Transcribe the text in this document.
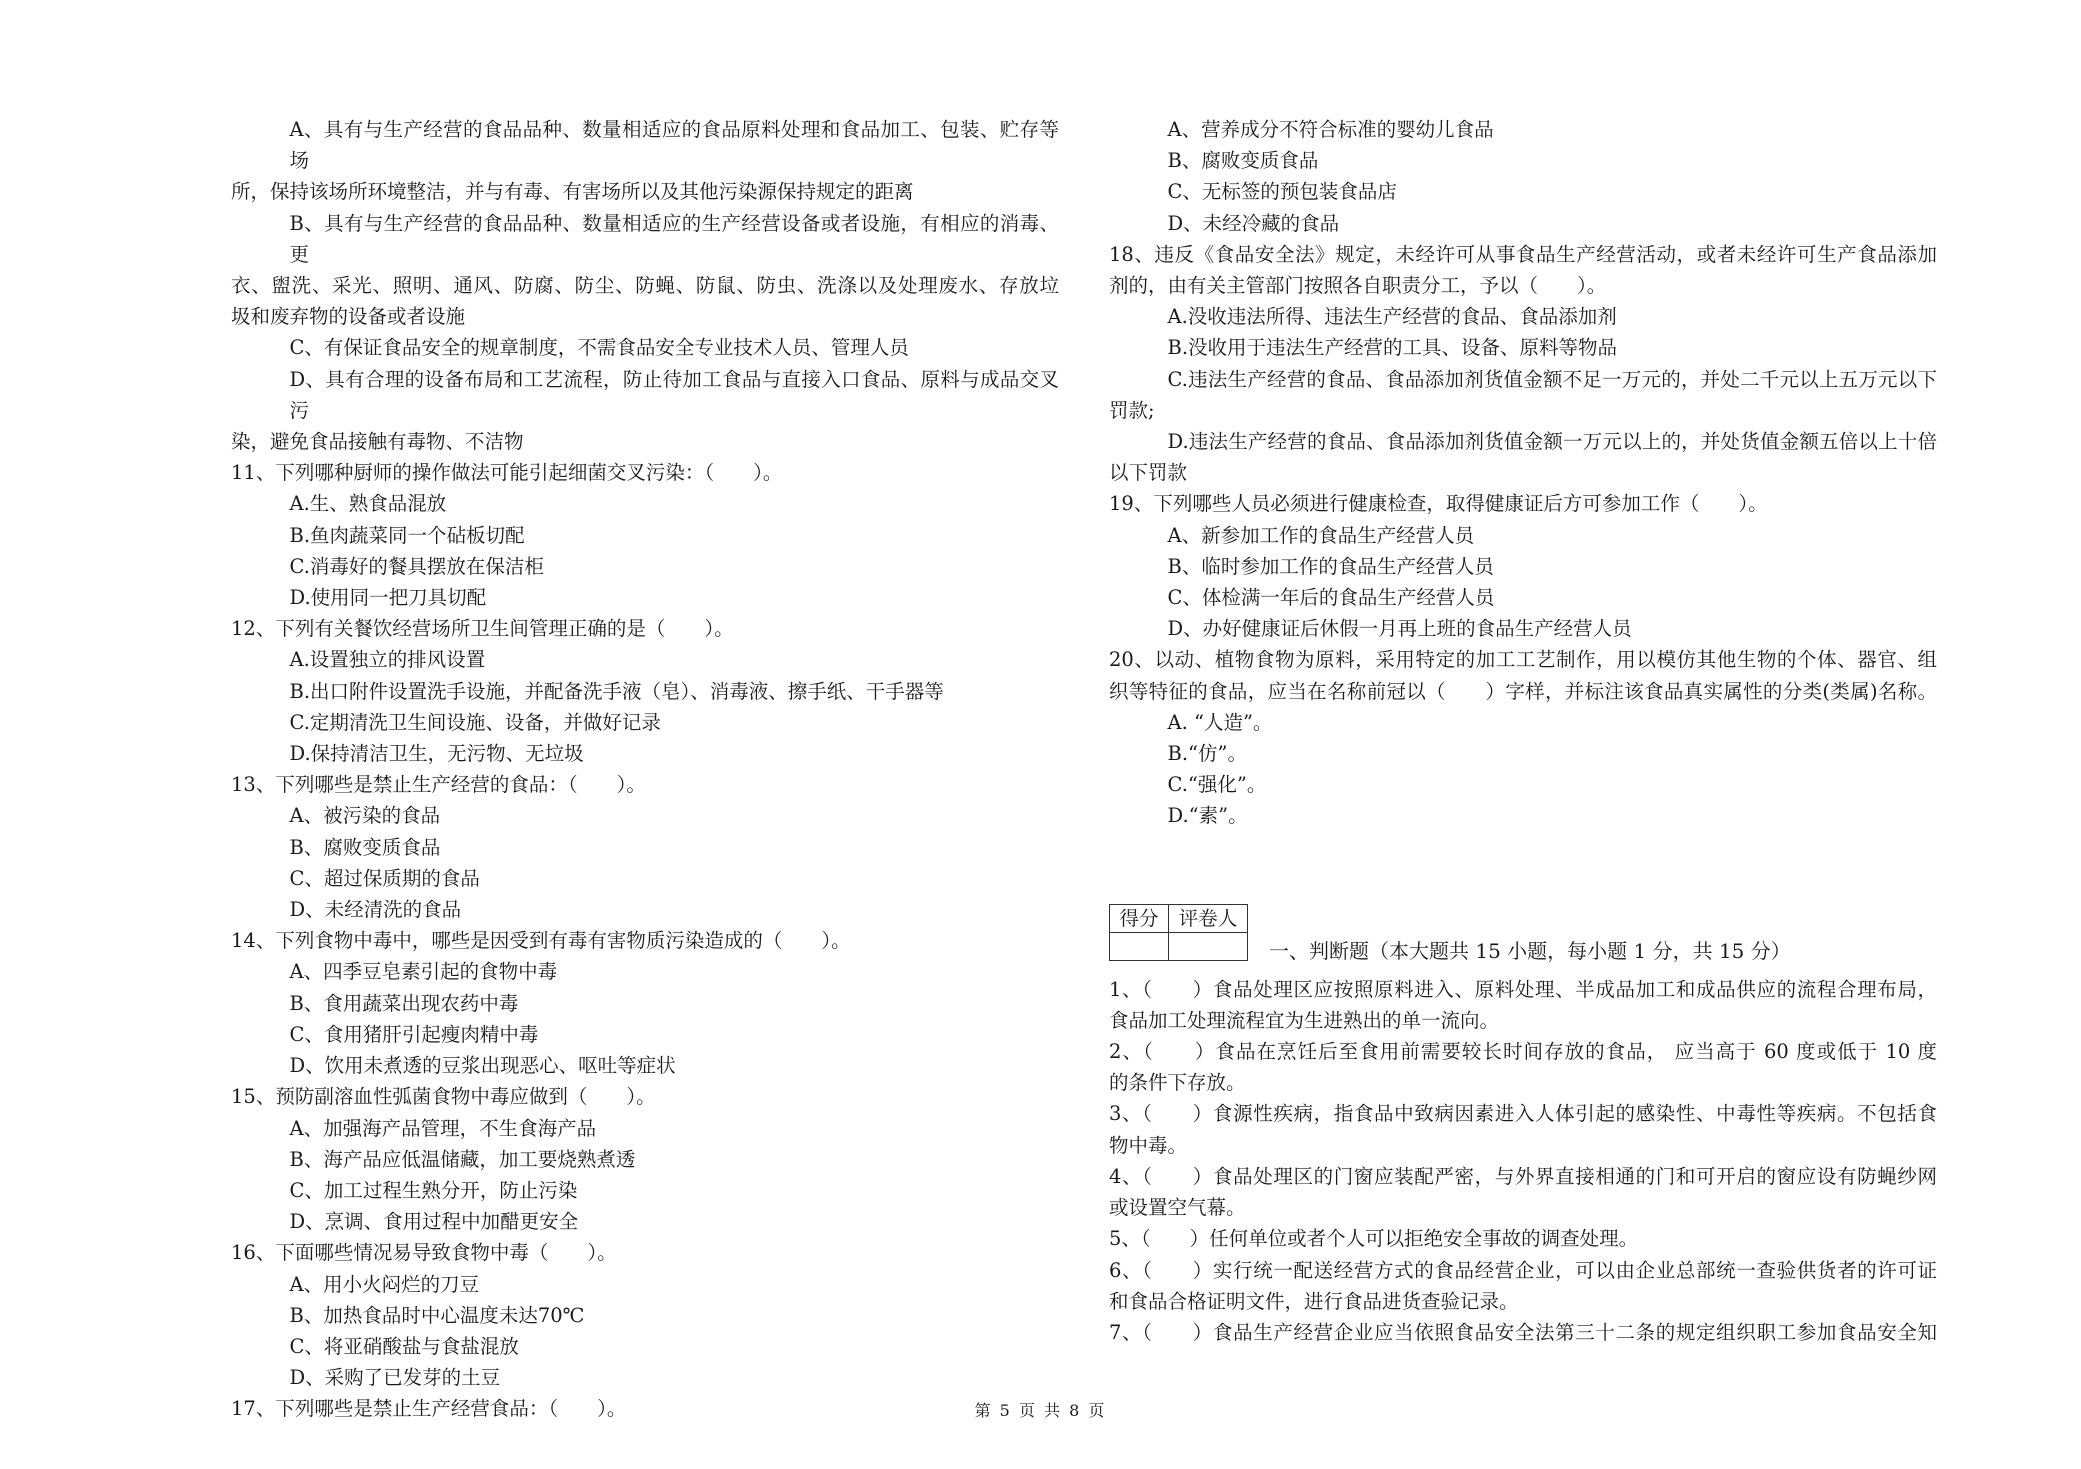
A、具有与生产经营的食品品种、数量相适应的食品原料处理和食品加工、包装、贮存等场
所，保持该场所环境整洁，并与有毒、有害场所以及其他污染源保持规定的距离
B、具有与生产经营的食品品种、数量相适应的生产经营设备或者设施，有相应的消毒、更
衣、盥洗、采光、照明、通风、防腐、防尘、防蝇、防鼠、防虫、洗涤以及处理废水、存放垃
圾和废弃物的设备或者设施
C、有保证食品安全的规章制度，不需食品安全专业技术人员、管理人员
D、具有合理的设备布局和工艺流程，防止待加工食品与直接入口食品、原料与成品交叉污
染，避免食品接触有毒物、不洁物
11、下列哪种厨师的操作做法可能引起细菌交叉污染：（　　）。
A.生、熟食品混放
B.鱼肉蔬菜同一个砧板切配
C.消毒好的餐具摆放在保洁柜
D.使用同一把刀具切配
12、下列有关餐饮经营场所卫生间管理正确的是（　　）。
A.设置独立的排风设置
B.出口附件设置洗手设施，并配备洗手液（皂）、消毒液、擦手纸、干手器等
C.定期清洗卫生间设施、设备，并做好记录
D.保持清洁卫生，无污物、无垃圾
13、下列哪些是禁止生产经营的食品：（　　）。
A、被污染的食品
B、腐败变质食品
C、超过保质期的食品
D、未经清洗的食品
14、下列食物中毒中，哪些是因受到有毒有害物质污染造成的（　　）。
A、四季豆皂素引起的食物中毒
B、食用蔬菜出现农药中毒
C、食用猪肝引起瘦肉精中毒
D、饮用未煮透的豆浆出现恶心、呕吐等症状
15、预防副溶血性弧菌食物中毒应做到（　　）。
A、加强海产品管理，不生食海产品
B、海产品应低温储藏，加工要烧熟煮透
C、加工过程生熟分开，防止污染
D、烹调、食用过程中加醋更安全
16、下面哪些情况易导致食物中毒（　　）。
A、用小火闷烂的刀豆
B、加热食品时中心温度未达70℃
C、将亚硝酸盐与食盐混放
D、采购了已发芽的土豆
17、下列哪些是禁止生产经营食品：（　　）。
A、营养成分不符合标准的婴幼儿食品
B、腐败变质食品
C、无标签的预包装食品店
D、未经冷藏的食品
18、违反《食品安全法》规定，未经许可从事食品生产经营活动，或者未经许可生产食品添加
剂的，由有关主管部门按照各自职责分工，予以（　　）。
A.没收违法所得、违法生产经营的食品、食品添加剂
B.没收用于违法生产经营的工具、设备、原料等物品
C.违法生产经营的食品、食品添加剂货值金额不足一万元的，并处二千元以上五万元以下
罚款;
D.违法生产经营的食品、食品添加剂货值金额一万元以上的，并处货值金额五倍以上十倍
以下罚款
19、下列哪些人员必须进行健康检查，取得健康证后方可参加工作（　　）。
A、新参加工作的食品生产经营人员
B、临时参加工作的食品生产经营人员
C、体检满一年后的食品生产经营人员
D、办好健康证后休假一月再上班的食品生产经营人员
20、以动、植物食物为原料，采用特定的加工工艺制作，用以模仿其他生物的个体、器官、组
织等特征的食品，应当在名称前冠以（　　）字样，并标注该食品真实属性的分类(类属)名称。
A. “人造”。
B.“仿”。
C.“强化”。
D.“素”。
得分	评卷人

一、判断题（本大题共 15 小题，每小题 1 分，共 15 分）
1、（　　）食品处理区应按照原料进入、原料处理、半成品加工和成品供应的流程合理布局，
食品加工处理流程宜为生进熟出的单一流向。
2、（　　）食品在烹饪后至食用前需要较长时间存放的食品， 应当高于 60 度或低于 10 度
的条件下存放。
3、（　　）食源性疾病，指食品中致病因素进入人体引起的感染性、中毒性等疾病。不包括食
物中毒。
4、（　　）食品处理区的门窗应装配严密，与外界直接相通的门和可开启的窗应设有防蝇纱网
或设置空气幕。
5、（　　）任何单位或者个人可以拒绝安全事故的调查处理。
6、（　　）实行统一配送经营方式的食品经营企业，可以由企业总部统一查验供货者的许可证
和食品合格证明文件，进行食品进货查验记录。
7、（　　）食品生产经营企业应当依照食品安全法第三十二条的规定组织职工参加食品安全知
第 5 页 共 8 页
